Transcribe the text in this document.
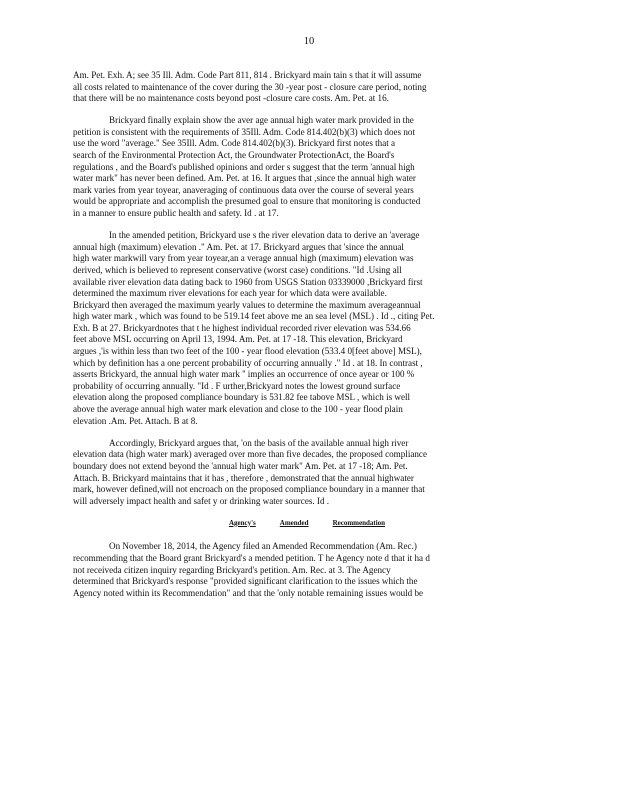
10
Am. Pet. Exh. A; see 35 Ill. Adm. Code Part 811, 814 . Brickyard main tain s that it will assume
all costs related to maintenance of the cover during the 30 -year post - closure care period, noting
that there will be no maintenance costs beyond post -closure care costs. Am. Pet. at 16.
Brickyard finally explain show the aver age annual high water mark provided in the
petition is consistent with the requirements of 35Ill. Adm. Code 814.402(b)(3) which does not
use the word "average." See 35Ill. Adm. Code 814.402(b)(3). Brickyard first notes that a
search of the Environmental Protection Act, the Groundwater ProtectionAct, the Board's
regulations , and the Board's published opinions and order s suggest that the term 'annual high
water mark" has never been defined. Am. Pet. at 16. It argues that ,since the annual high water
mark varies from year toyear, anaveraging of continuous data over the course of several years
would be appropriate and accomplish the presumed goal to ensure that monitoring is conducted
in a manner to ensure public health and safety. Id . at 17.
In the amended petition, Brickyard use s the river elevation data to derive an 'average
annual high (maximum) elevation ." Am. Pet. at 17. Brickyard argues that 'since the annual
high water markwill vary from year toyear,an a verage annual high (maximum) elevation was
derived, which is believed to represent conservative (worst case) conditions. "Id .Using all
available river elevation data dating back to 1960 from USGS Station 03339000 ,Brickyard first
determined the maximum river elevations for each year for which data were available.
Brickyard then averaged the maximum yearly values to determine the maximum averageannual
high water mark , which was found to be 519.14 feet above me an sea level (MSL) . Id ., citing Pet.
Exh. B at 27. Brickyardnotes that t he highest individual recorded river elevation was 534.66
feet above MSL occurring on April 13, 1994. Am. Pet. at 17 -18. This elevation, Brickyard
argues ,'is within less than two feet of the 100 - year flood elevation (533.4 0[feet above] MSL),
which by definition has a one percent probability of occurring annually ." Id . at 18. In contrast ,
asserts Brickyard, the annual high water mark '' implies an occurrence of once ayear or 100 %
probability of occurring annually. "Id . F urther,Brickyard notes the lowest ground surface
elevation along the proposed compliance boundary is 531.82 fee tabove MSL , which is well
above the average annual high water mark elevation and close to the 100 - year flood plain
elevation .Am. Pet. Attach. B at 8.
Accordingly, Brickyard argues that, 'on the basis of the available annual high river
elevation data (high water mark) averaged over more than five decades, the proposed compliance
boundary does not extend beyond the 'annual high water mark" Am. Pet. at 17 -18; Am. Pet.
Attach. B. Brickyard maintains that it has , therefore , demonstrated that the annual highwater
mark, however defined,will not encroach on the proposed compliance boundary in a manner that
will adversely impact health and safet y or drinking water sources. Id .
Agency's	Amended	Recommendation
On November 18, 2014, the Agency filed an Amended Recommendation (Am. Rec.)
recommending that the Board grant Brickyard's a mended petition. T he Agency note d that it ha d
not receiveda citizen inquiry regarding Brickyard's petition. Am. Rec. at 3. The Agency
determined that Brickyard's response "provided significant clarification to the issues which the
Agency noted within its Recommendation" and that the 'only notable remaining issues would be
